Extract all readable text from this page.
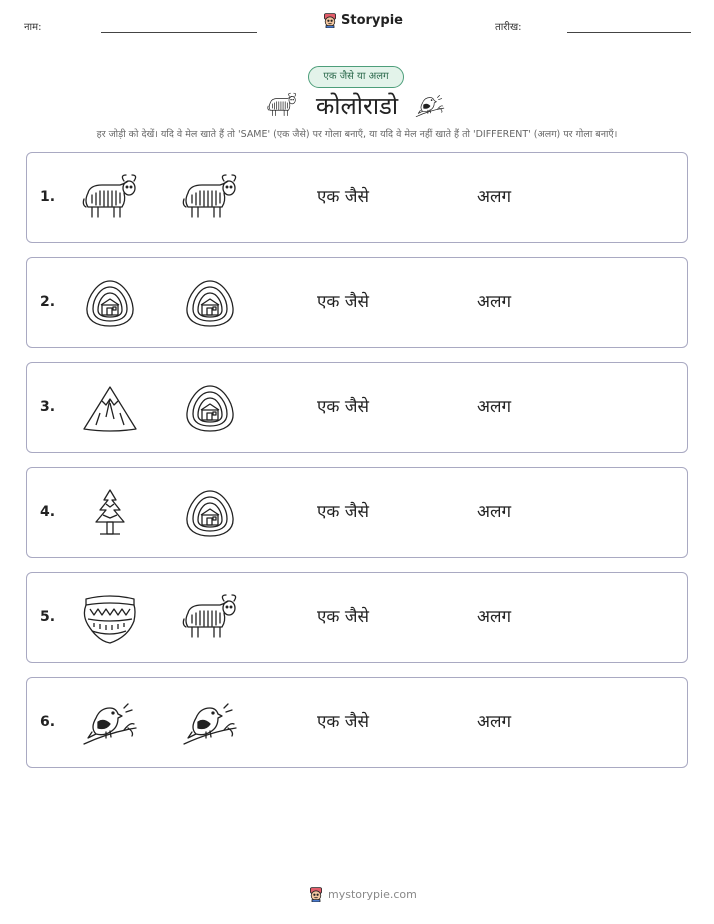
नाम:	Storypie	तारीख:
एक जैसे या अलग
कोलोराडो
हर जोड़ी को देखें। यदि वे मेल खाते हैं तो 'SAME' (एक जैसे) पर गोला बनाएँ, या यदि वे मेल नहीं खाते हैं तो 'DIFFERENT' (अलग) पर गोला बनाएँ।
1.	एक जैसे	अलग
2.	एक जैसे	अलग
3.	एक जैसे	अलग
4.	एक जैसे	अलग
5.	एक जैसे	अलग
6.	एक जैसे	अलग
mystorypie.com
